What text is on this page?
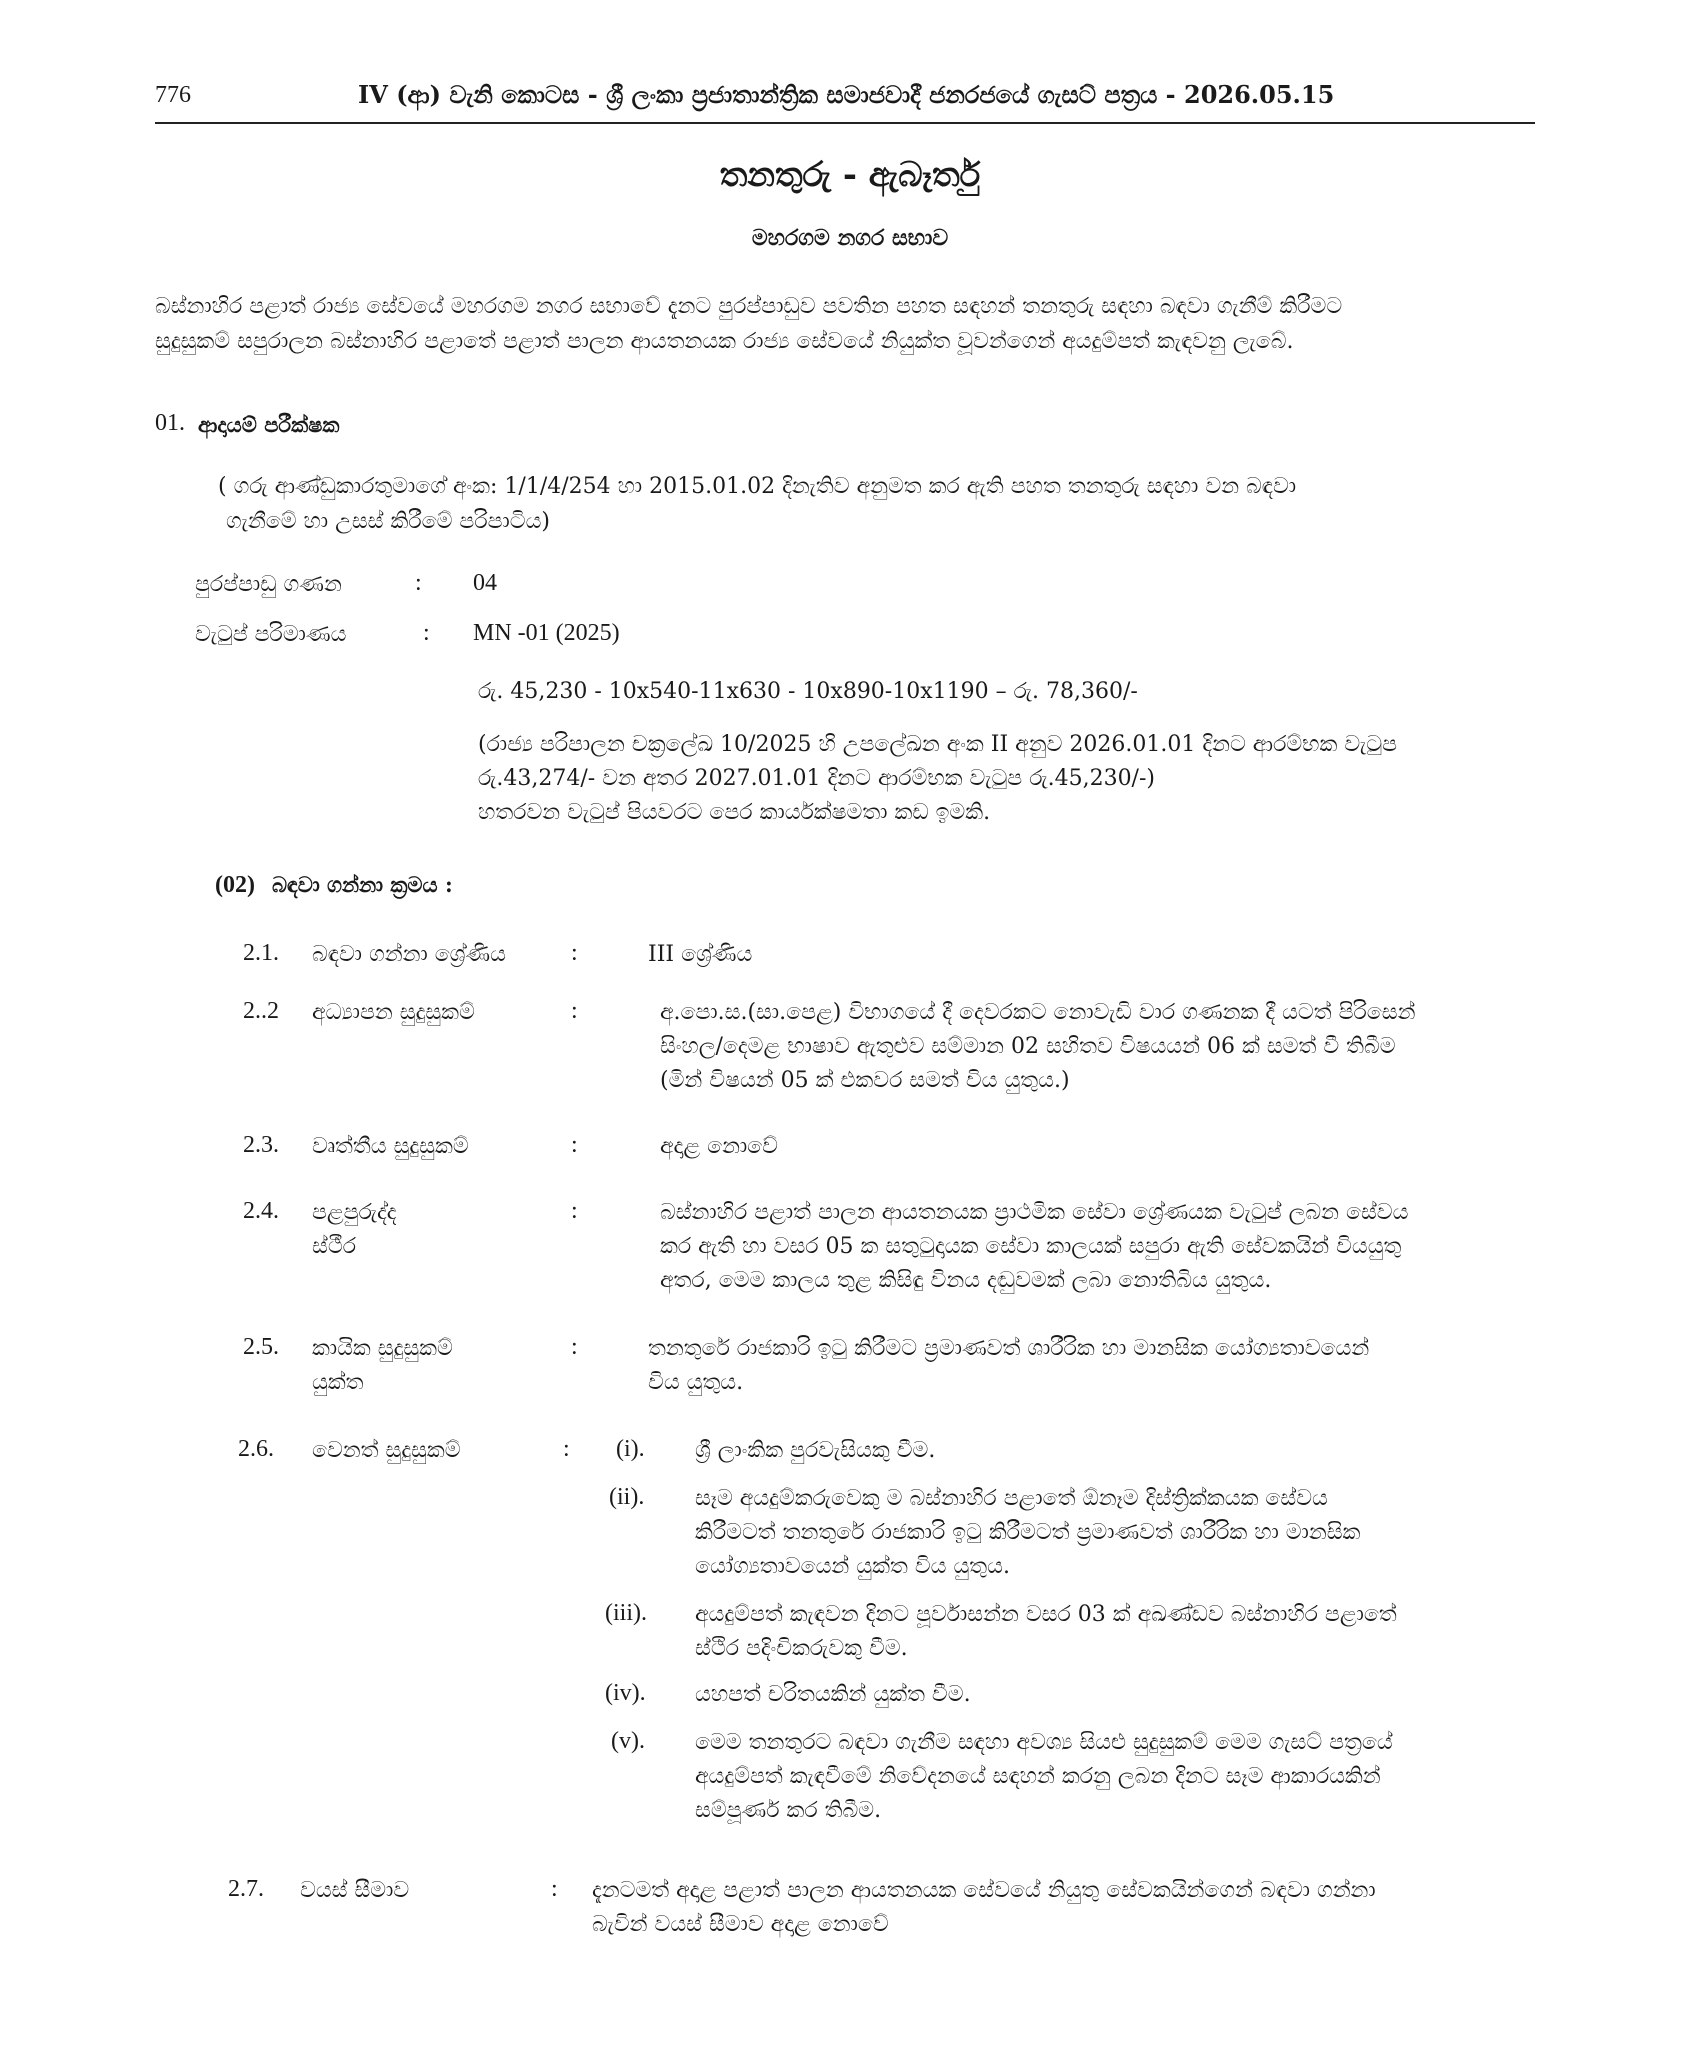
776	IV (ආ) වැනි කොටස - ශ්‍රී ලංකා ප්‍රජාතාන්ත්‍රික සමාජවාදී ජනරජයේ ගැසට් පත්‍රය - 2026.05.15
තනතුරු - ඇබෑර්තු
මහරගම නගර සභාව
බස්නාහිර පළාත් රාජ්‍ය සේවයේ මහරගම නගර සභාවේ දැනට පුරප්පාඩුව පවතින පහත සඳහන් තනතුරු සඳහා බඳවා ගැනීම් කිරීමට
සුදුසුකම් සපුරාලන බස්නාහිර පළාතේ පළාත් පාලන ආයතනයක රාජ්‍ය සේවයේ නියුක්ත වූවන්ගෙන් අයදුම්පත් කැඳවනු ලැබේ.
01. ආදායම් පරීක්ෂක
( ගරු ආණ්ඩුකාරතුමාගේ අංක: 1/1/4/254 හා 2015.01.02 දිනැතිව අනුමත කර ඇති පහත තනතුරු සඳහා වන බඳවා
ගැනීමේ හා උසස් කිරීමේ පරිපාටිය)
පුරප්පාඩු ගණන	: 04
වැටුප් පරිමාණය	: MN -01 (2025)
රු. 45,230 - 10x540-11x630 - 10x890-10x1190 – රු. 78,360/-
(රාජ්‍ය පරිපාලන චක්‍රලේඛ 10/2025 හි උපලේඛන අංක II අනුව 2026.01.01 දිනට ආරම්භක වැටුප
රු.43,274/- වන අතර 2027.01.01 දිනට ආරම්භක වැටුප රු.45,230/-)
හතරවන වැටුප් පියවරට පෙර කාර්යක්ෂමතා කඩ ඉමකි.
(02) බඳවා ගන්නා ක්‍රමය :
2.1. බඳවා ගන්නා ශ්‍රේණිය	:	III ශ්‍රේණිය
2..2 අධ්‍යාපන සුදුසුකම්	:	අ.පො.ස.(සා.පෙළ) විභාගයේ දී දෙවරකට නොවැඩි වාර ගණනක දී යටත් පිරිසෙන්
සිංහල/දෙමළ භාෂාව ඇතුළුව සම්මාන 02 සහිතව විෂයයන් 06 ක් සමත් වී තිබීම
(මින් විෂයන් 05 ක් එකවර සමත් විය යුතුය.)
2.3. වෘත්තීය සුදුසුකම්	:	අදාළ නොවේ
2.4. පළපුරුද්ද
ස්ථීර
:	බස්නාහිර පළාත් පාලන ආයතනයක ප්‍රාථමික සේවා ශ්‍රේණයක වැටුප් ලබන සේවය
කර ඇති හා වසර 05 ක සතුටුදායක සේවා කාලයක් සපුරා ඇති සේවකයින් වියයුතු
අතර, මෙම කාලය තුළ කිසිඳු විනය දඬුවමක් ලබා නොතිබිය යුතුය.
2.5. කායික සුදුසුකම්
යුක්ත
:	තනතුරේ රාජකාරි ඉටු කිරීමට ප්‍රමාණවත් ශාරීරික හා මානසික යෝග්‍යතාවයෙන්
විය යුතුය.
2.6. වෙනත් සුදුසුකම්	: (i). ශ්‍රී ලාංකික පුරවැසියකු වීම.
(ii). සෑම අයදුම්කරුවෙකු ම බස්නාහිර පළාතේ ඕනෑම දිස්ත්‍රික්කයක සේවය
කිරීමටත් තනතුරේ රාජකාරි ඉටු කිරීමටත් ප්‍රමාණවත් ශාරීරික හා මානසික
යෝග්‍යතාවයෙන් යුක්ත විය යුතුය.
(iii). අයදුම්පත් කැඳවන දිනට පූර්වාසන්න වසර 03 ක් අඛණ්ඩව බස්නාහිර පළාතේ
ස්ථිර පදිංචිකරුවකු වීම.
(iv). යහපත් චරිතයකින් යුක්ත වීම.
(v). මෙම තනතුරට බඳවා ගැනීම සඳහා අවශ්‍ය සියළු සුදුසුකම් මෙම ගැසට් පත්‍රයේ
අයදුම්පත් කැඳවීමේ නිවේදනයේ සඳහන් කරනු ලබන දිනට සෑම ආකාරයකින්
සම්පූර්ණ කර තිබීම.
2.7. වයස් සීමාව	: දැනටමත් අදාළ පළාත් පාලන ආයතනයක සේවයේ නියුතු සේවකයින්ගෙන් බඳවා ගන්නා
බැවින් වයස් සීමාව අදාළ නොවේ
